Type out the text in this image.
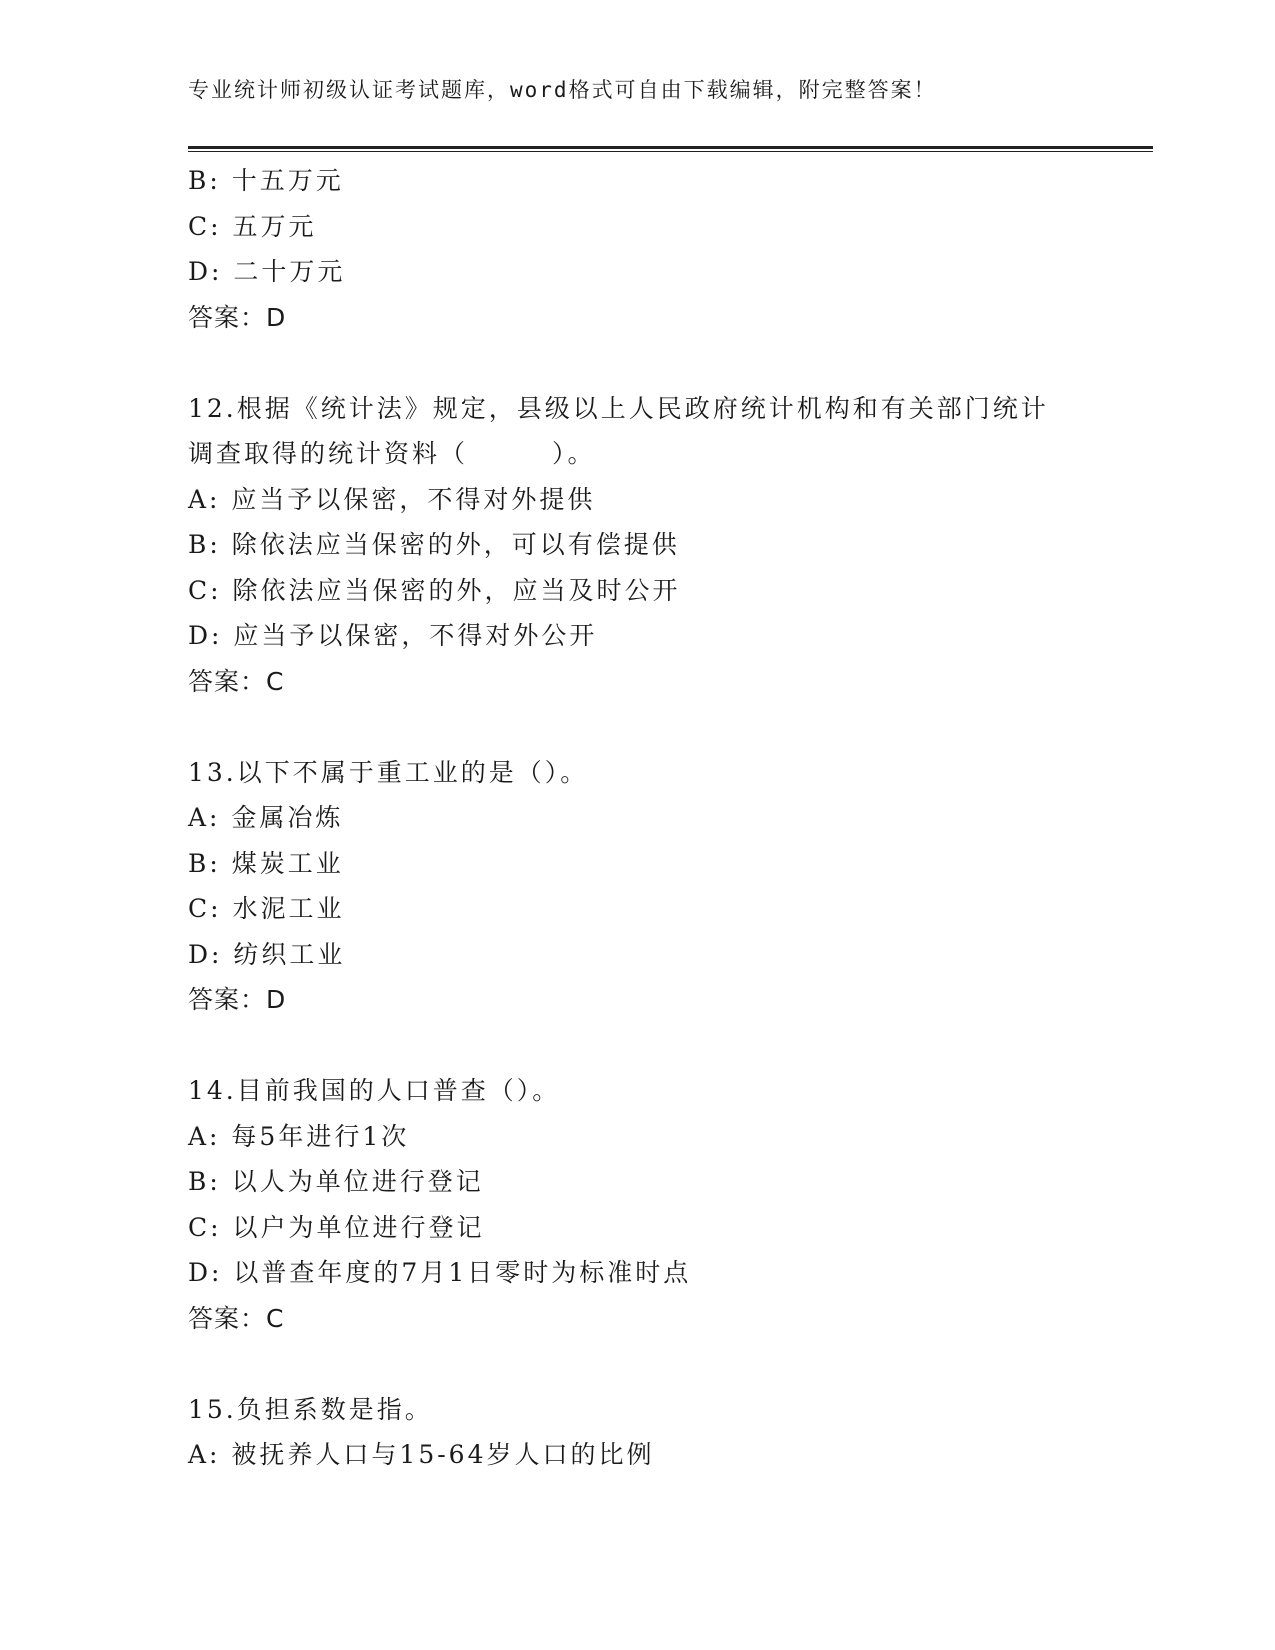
专业统计师初级认证考试题库，word格式可自由下载编辑，附完整答案！
B: 十五万元
C: 五万元
D: 二十万元
答案：D
12.根据《统计法》规定，县级以上人民政府统计机构和有关部门统计
调查取得的统计资料（　　　）。
A: 应当予以保密，不得对外提供
B: 除依法应当保密的外，可以有偿提供
C: 除依法应当保密的外，应当及时公开
D: 应当予以保密，不得对外公开
答案：C
13.以下不属于重工业的是（）。
A: 金属冶炼
B: 煤炭工业
C: 水泥工业
D: 纺织工业
答案：D
14.目前我国的人口普查（）。
A: 每5年进行1次
B: 以人为单位进行登记
C: 以户为单位进行登记
D: 以普查年度的7月1日零时为标准时点
答案：C
15.负担系数是指。
A: 被抚养人口与15-64岁人口的比例
